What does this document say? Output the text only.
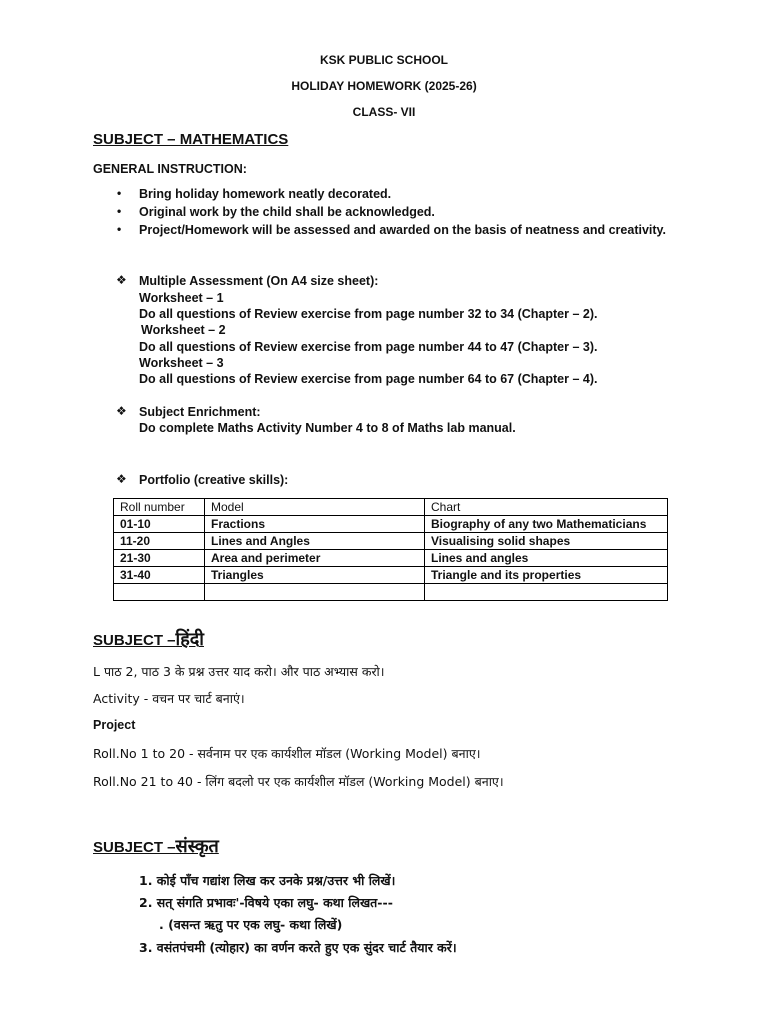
KSK PUBLIC SCHOOL
HOLIDAY HOMEWORK (2025-26)
CLASS- VII
SUBJECT – MATHEMATICS
GENERAL INSTRUCTION:
• Bring holiday homework neatly decorated.
• Original work by the child shall be acknowledged.
• Project/Homework will be assessed and awarded on the basis of neatness and creativity.
❖ Multiple Assessment (On A4 size sheet):
Worksheet – 1
Do all questions of Review exercise from page number 32 to 34 (Chapter – 2).
Worksheet – 2
Do all questions of Review exercise from page number 44 to 47 (Chapter – 3).
Worksheet – 3
Do all questions of Review exercise from page number 64 to 67 (Chapter – 4).
❖ Subject Enrichment:
Do complete Maths Activity Number 4 to 8 of Maths lab manual.
❖ Portfolio (creative skills):
Roll number	Model	Chart
01-10	Fractions	Biography of any two Mathematicians
11-20	Lines and Angles	Visualising solid shapes
21-30	Area and perimeter	Lines and angles
31-40	Triangles	Triangle and its properties

SUBJECT –हिंदी
L पाठ 2, पाठ 3 के प्रश्न उत्तर याद करो। और पाठ अभ्यास करो।
Activity - वचन पर चार्ट बनाएं।
Project
Roll.No 1 to 20 - सर्वनाम पर एक कार्यशील मॉडल (Working Model) बनाए।
Roll.No 21 to 40 - लिंग बदलो पर एक कार्यशील मॉडल (Working Model) बनाए।
SUBJECT –संस्कृत
1. कोई पाँच गद्यांश लिख कर उनके प्रश्न/उत्तर भी लिखें।
2. सत् संगति प्रभावः'-विषये एका लघु- कथा लिखत---
. (वसन्त ऋतु पर एक लघु- कथा लिखें)
3. वसंतपंचमी (त्योहार) का वर्णन करते हुए एक सुंदर चार्ट तैयार करें।
